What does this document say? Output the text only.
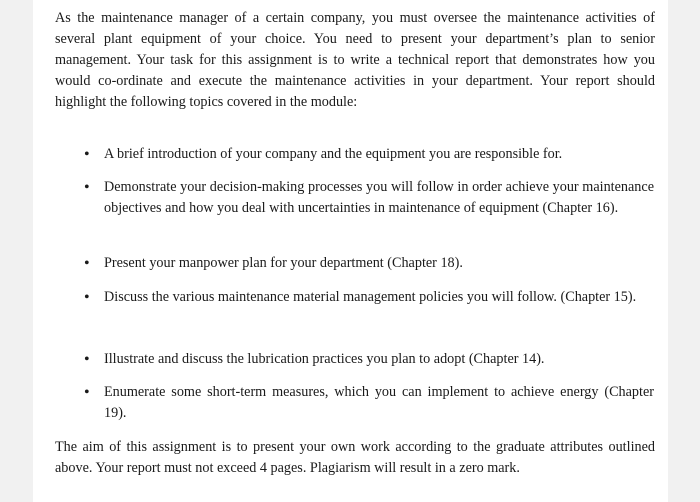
As the maintenance manager of a certain company, you must oversee the maintenance activities of several plant equipment of your choice. You need to present your department’s plan to senior management. Your task for this assignment is to write a technical report that demonstrates how you would co-ordinate and execute the maintenance activities in your department. Your report should highlight the following topics covered in the module:

• A brief introduction of your company and the equipment you are responsible for.

• Demonstrate your decision-making processes you will follow in order achieve your maintenance objectives and how you deal with uncertainties in maintenance of equipment (Chapter 16).

• Present your manpower plan for your department (Chapter 18).

• Discuss the various maintenance material management policies you will follow. (Chapter 15).

• Illustrate and discuss the lubrication practices you plan to adopt (Chapter 14).

• Enumerate some short-term measures, which you can implement to achieve energy (Chapter 19).

The aim of this assignment is to present your own work according to the graduate attributes outlined above. Your report must not exceed 4 pages. Plagiarism will result in a zero mark.
